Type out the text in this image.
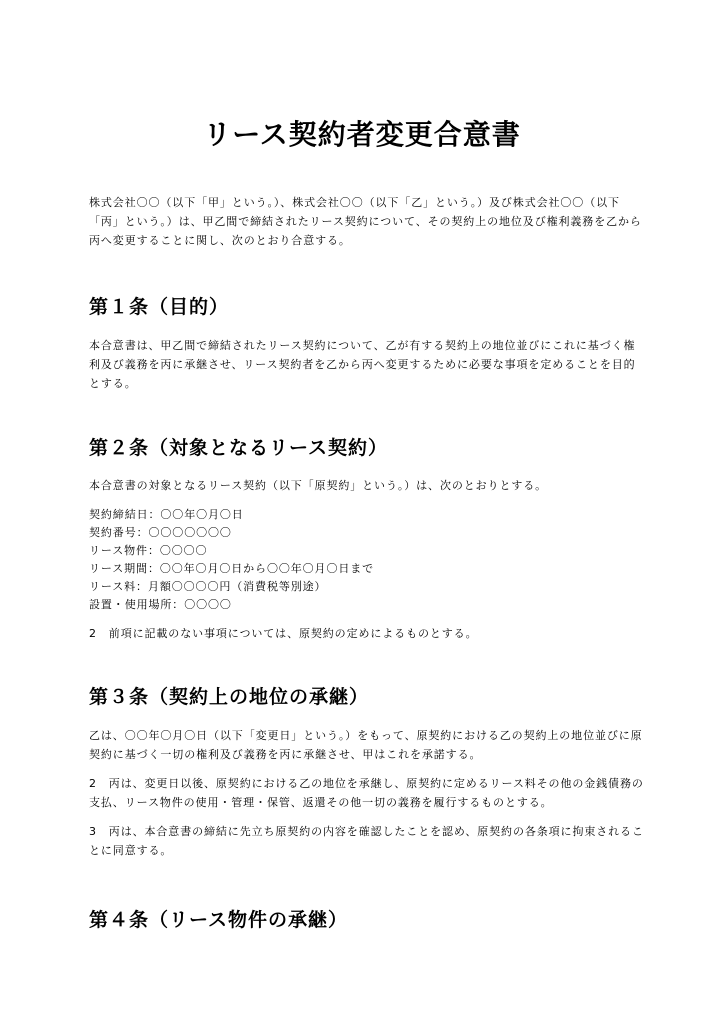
リース契約者変更合意書

株式会社〇〇（以下「甲」という。）、株式会社〇〇（以下「乙」という。）及び株式会社〇〇（以下「丙」という。）は、甲乙間で締結されたリース契約について、その契約上の地位及び権利義務を乙から丙へ変更することに関し、次のとおり合意する。

第１条（目的）

本合意書は、甲乙間で締結されたリース契約について、乙が有する契約上の地位並びにこれに基づく権利及び義務を丙に承継させ、リース契約者を乙から丙へ変更するために必要な事項を定めることを目的とする。

第２条（対象となるリース契約）

本合意書の対象となるリース契約（以下「原契約」という。）は、次のとおりとする。

契約締結日：〇〇年〇月〇日
契約番号：〇〇〇〇〇〇〇
リース物件：〇〇〇〇
リース期間：〇〇年〇月〇日から〇〇年〇月〇日まで
リース料：月額〇〇〇〇円（消費税等別途）
設置・使用場所：〇〇〇〇

2　前項に記載のない事項については、原契約の定めによるものとする。

第３条（契約上の地位の承継）

乙は、〇〇年〇月〇日（以下「変更日」という。）をもって、原契約における乙の契約上の地位並びに原契約に基づく一切の権利及び義務を丙に承継させ、甲はこれを承諾する。

2　丙は、変更日以後、原契約における乙の地位を承継し、原契約に定めるリース料その他の金銭債務の支払、リース物件の使用・管理・保管、返還その他一切の義務を履行するものとする。

3　丙は、本合意書の締結に先立ち原契約の内容を確認したことを認め、原契約の各条項に拘束されることに同意する。

第４条（リース物件の承継）
